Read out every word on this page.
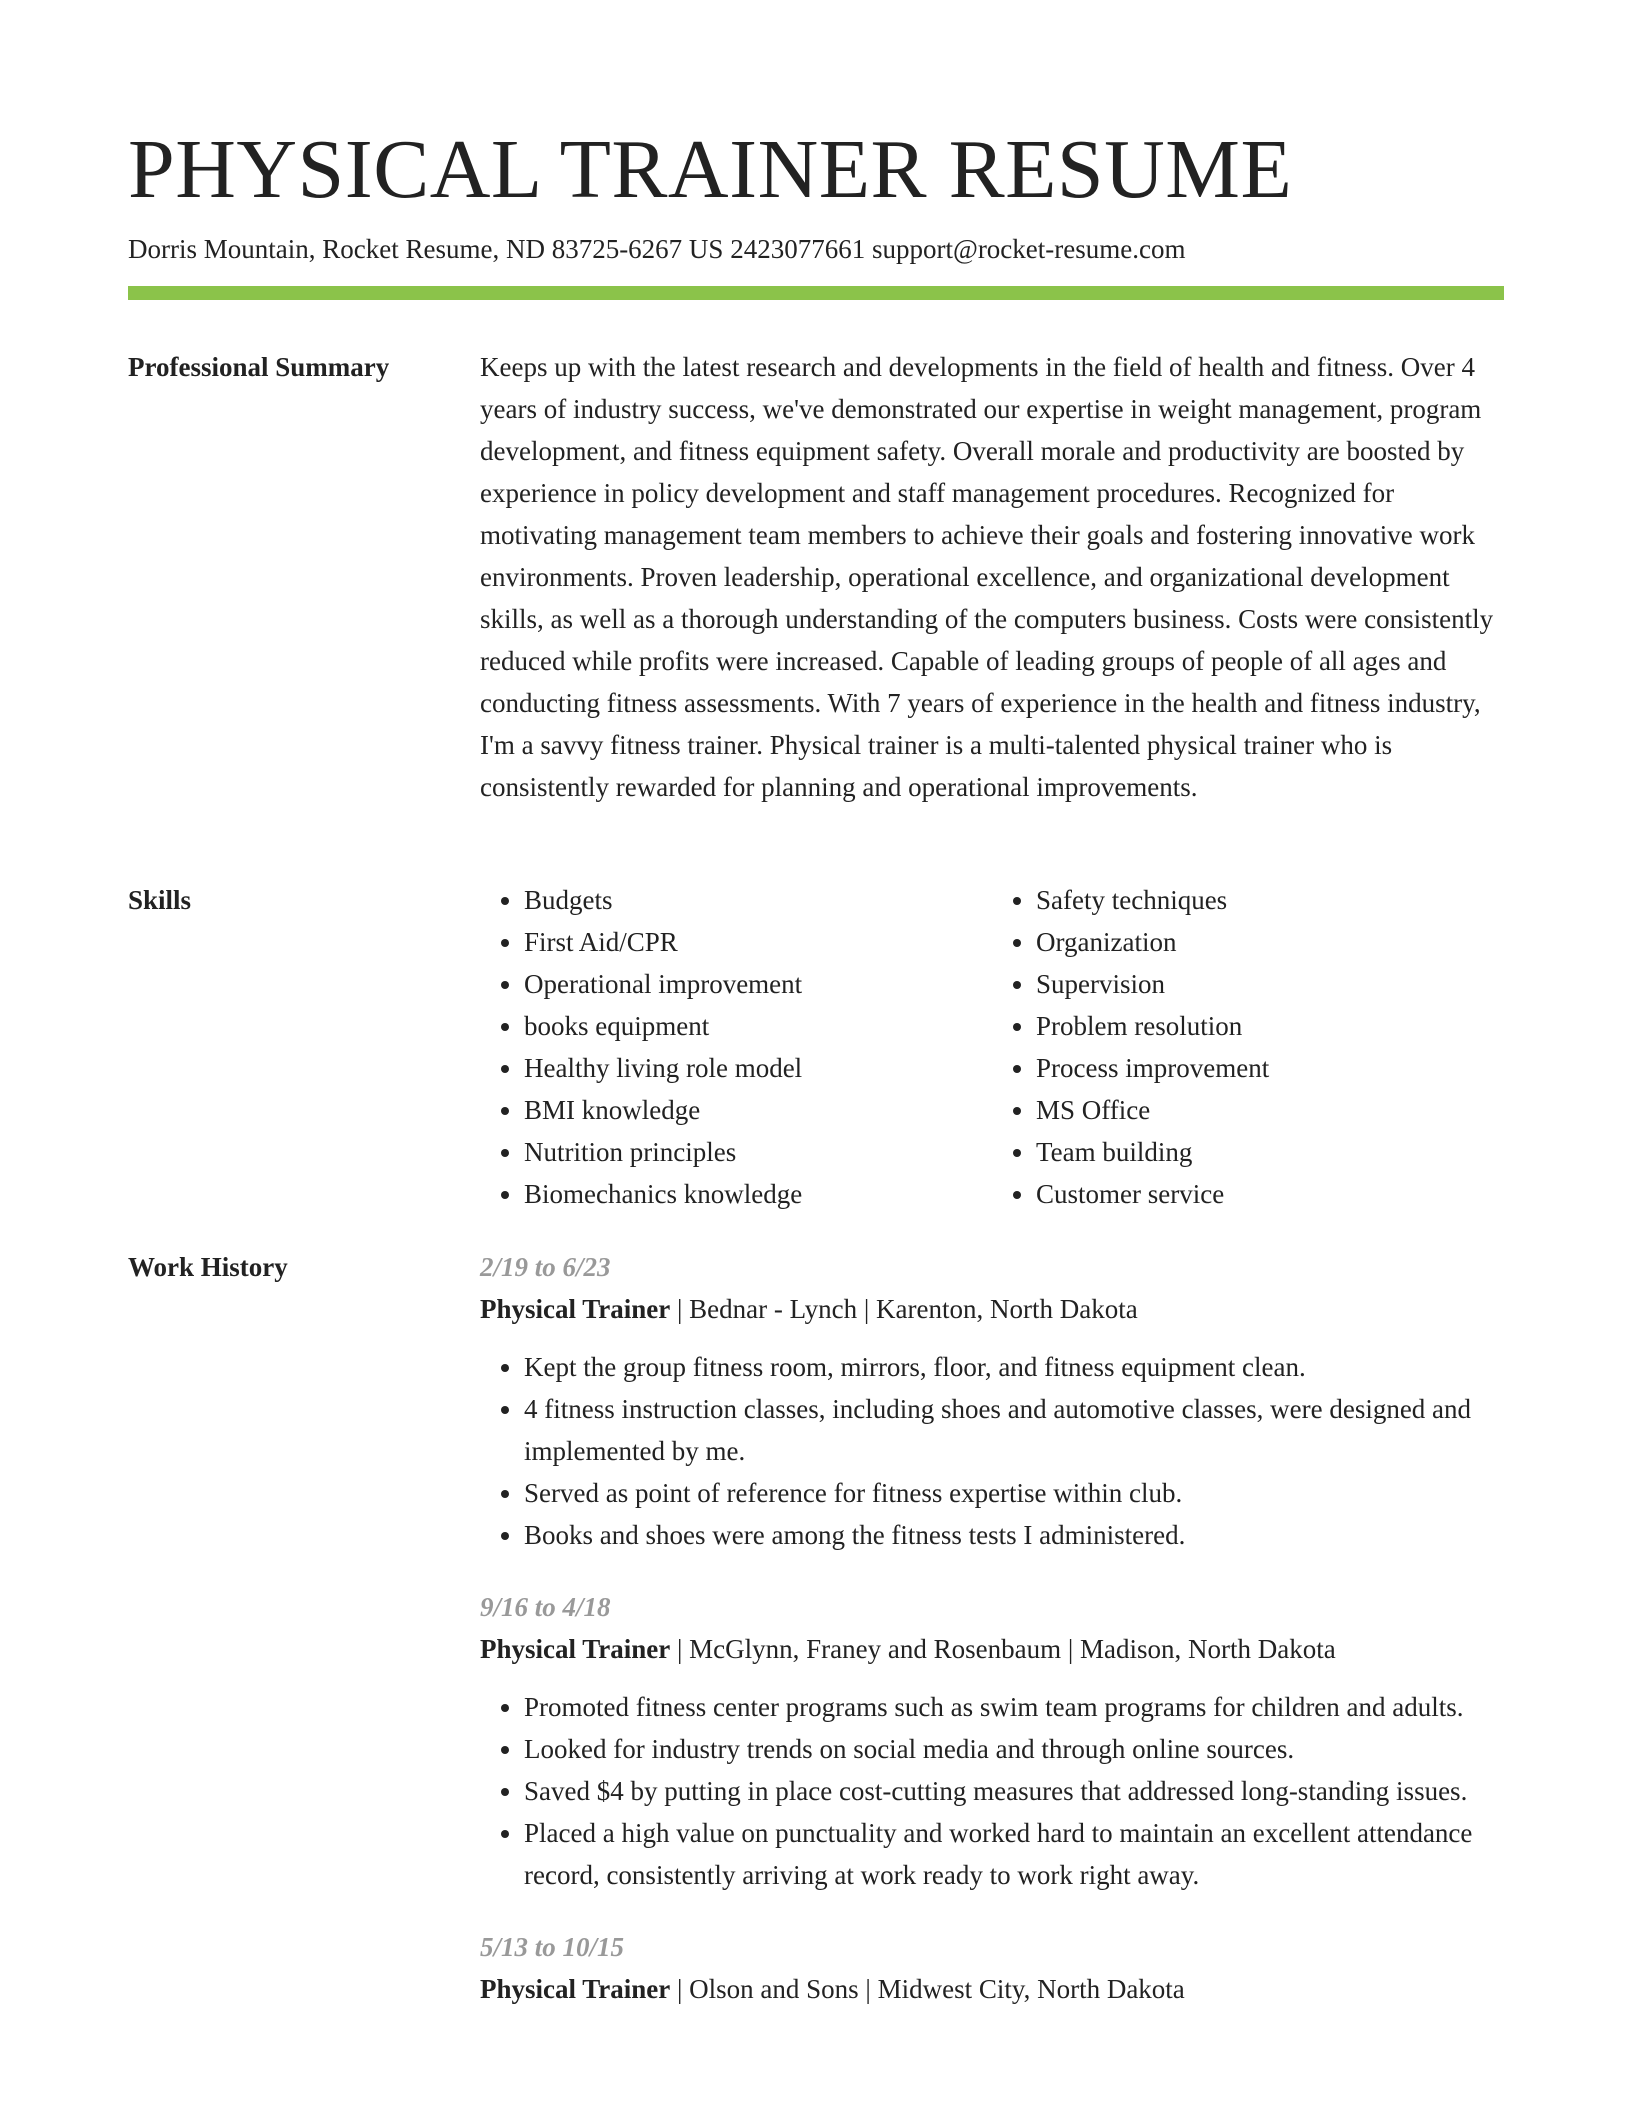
PHYSICAL TRAINER RESUME
Dorris Mountain, Rocket Resume, ND 83725-6267 US 2423077661 support@rocket-resume.com
Professional Summary	Keeps up with the latest research and developments in the field of health and fitness. Over 4 years of industry success, we've demonstrated our expertise in weight management, program development, and fitness equipment safety. Overall morale and productivity are boosted by experience in policy development and staff management procedures. Recognized for motivating management team members to achieve their goals and fostering innovative work environments. Proven leadership, operational excellence, and organizational development skills, as well as a thorough understanding of the computers business. Costs were consistently reduced while profits were increased. Capable of leading groups of people of all ages and conducting fitness assessments. With 7 years of experience in the health and fitness industry, I'm a savvy fitness trainer. Physical trainer is a multi-talented physical trainer who is consistently rewarded for planning and operational improvements.

Skills
•	Budgets
• First Aid/CPR
• Operational improvement
• books equipment
• Healthy living role model
• BMI knowledge
• Nutrition principles
• Biomechanics knowledge
• Safety techniques
• Organization
• Supervision
• Problem resolution
• Process improvement
• MS Office
• Team building
• Customer service
Work History	2/19 to 6/23
Physical Trainer | Bednar - Lynch | Karenton, North Dakota
• Kept the group fitness room, mirrors, floor, and fitness equipment clean.
• 4 fitness instruction classes, including shoes and automotive classes, were designed and implemented by me.
• Served as point of reference for fitness expertise within club.
• Books and shoes were among the fitness tests I administered.
9/16 to 4/18
Physical Trainer | McGlynn, Franey and Rosenbaum | Madison, North Dakota
• Promoted fitness center programs such as swim team programs for children and adults.
• Looked for industry trends on social media and through online sources.
• Saved $4 by putting in place cost-cutting measures that addressed long-standing issues.
• Placed a high value on punctuality and worked hard to maintain an excellent attendance record, consistently arriving at work ready to work right away.
5/13 to 10/15
Physical Trainer | Olson and Sons | Midwest City, North Dakota
